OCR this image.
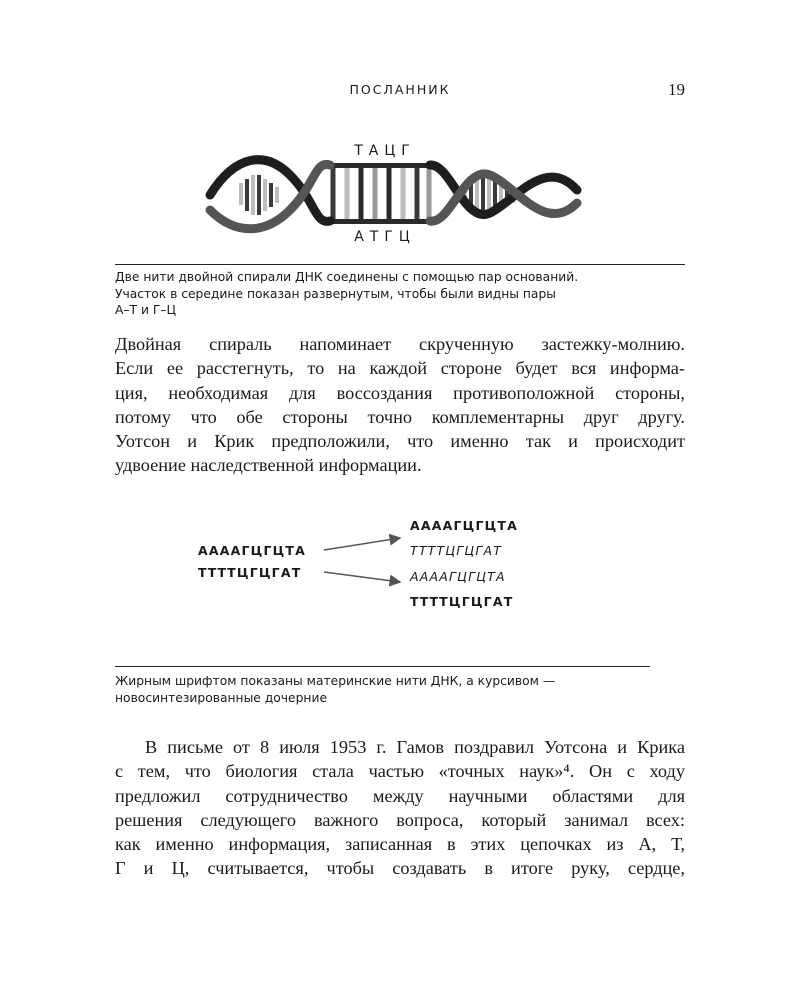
ПОСЛАННИК	19
ТАЦГ
АТГЦ
Две нити двойной спирали ДНК соединены с помощью пар оснований.
Участок в середине показан развернутым, чтобы были видны пары
А–Т и Г–Ц
Двойная спираль напоминает скрученную застежку-молнию.
Если ее расстегнуть, то на каждой стороне будет вся информа-
ция, необходимая для воссоздания противоположной стороны,
потому что обе стороны точно комплементарны друг другу.
Уотсон и Крик предположили, что именно так и происходит
удвоение наследственной информации.
ААААГЦГЦТА
ТТТТЦГЦГАТ
ААААГЦГЦТА
ТТТТЦГЦГАТ
ААААГЦГЦТА
ТТТТЦГЦГАТ
Жирным шрифтом показаны материнские нити ДНК, а курсивом —
новосинтезированные дочерние
В письме от 8 июля 1953 г. Гамов поздравил Уотсона и Крика
с тем, что биология стала частью «точных наук»⁴. Он с ходу
предложил сотрудничество между научными областями для
решения следующего важного вопроса, который занимал всех:
как именно информация, записанная в этих цепочках из А, Т,
Г и Ц, считывается, чтобы создавать в итоге руку, сердце,
